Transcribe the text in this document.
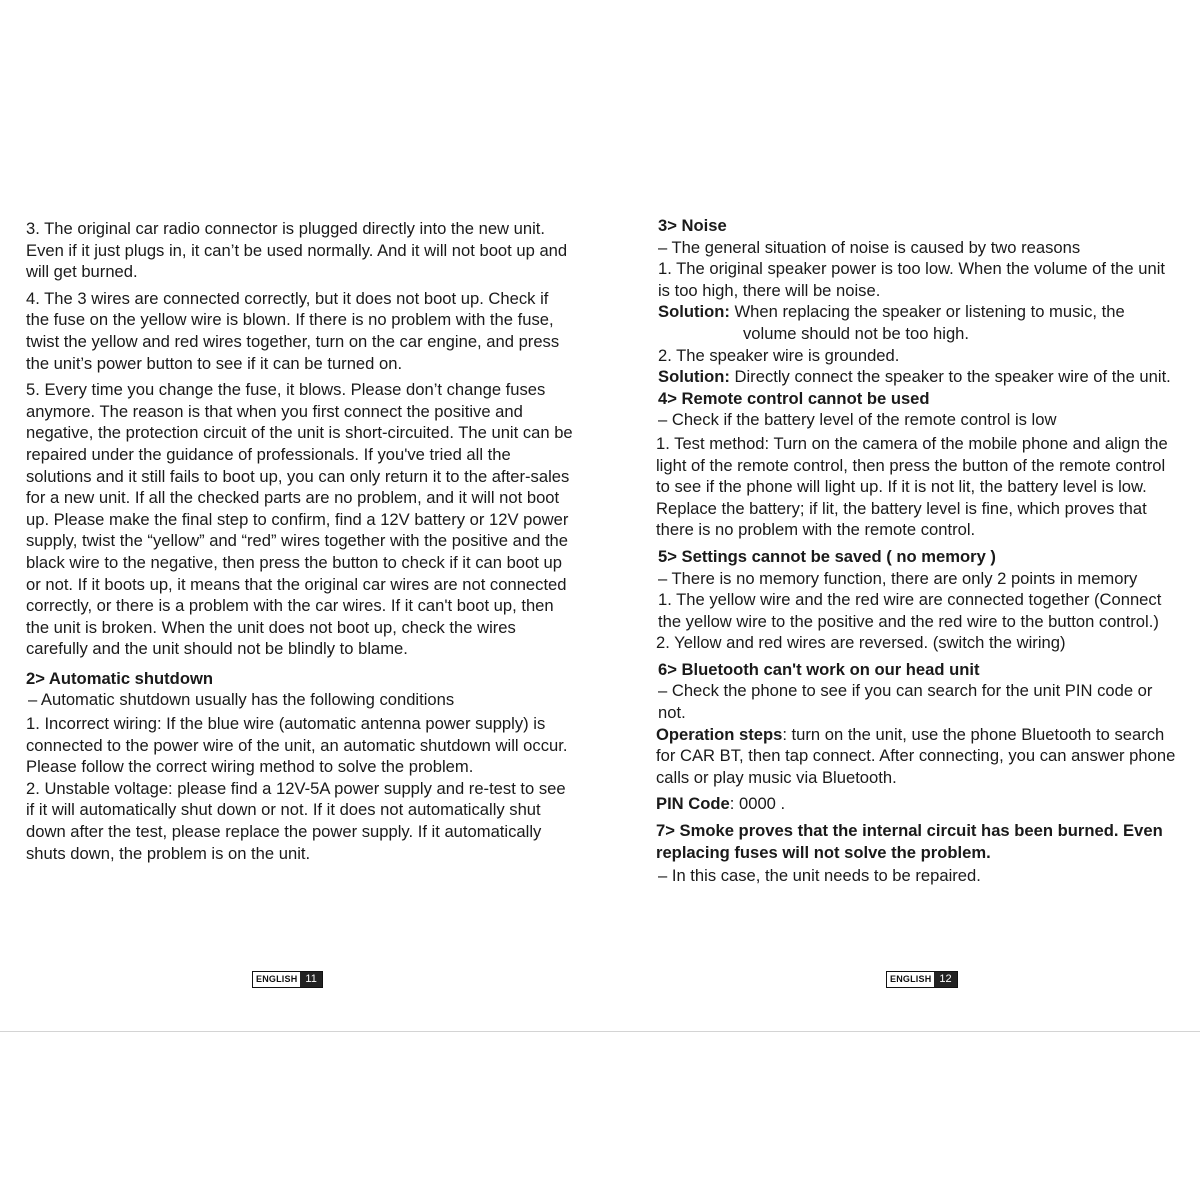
3. The original car radio connector is plugged directly into the new unit. Even if it just plugs in, it can’t be used normally. And it will not boot up and will get burned.

4. The 3 wires are connected correctly, but it does not boot up. Check if the fuse on the yellow wire is blown. If there is no problem with the fuse, twist the yellow and red wires together, turn on the car engine, and press the unit’s power button to see if it can be turned on.

5. Every time you change the fuse, it blows. Please don’t change fuses anymore. The reason is that when you first connect the positive and negative, the protection circuit of the unit is short-circuited. The unit can be repaired under the guidance of professionals. If you've tried all the solutions and it still fails to boot up, you can only return it to the after-sales for a new unit. If all the checked parts are no problem, and it will not boot up. Please make the final step to confirm, find a 12V battery or 12V power supply, twist the “yellow” and “red” wires together with the positive and the black wire to the negative, then press the button to check if it can boot up or not. If it boots up, it means that the original car wires are not connected correctly, or there is a problem with the car wires. If it can't boot up, then the unit is broken. When the unit does not boot up, check the wires carefully and the unit should not be blindly to blame.

2> Automatic shutdown

– Automatic shutdown usually has the following conditions

1. Incorrect wiring: If the blue wire (automatic antenna power supply) is connected to the power wire of the unit, an automatic shutdown will occur. Please follow the correct wiring method to solve the problem.

2. Unstable voltage: please find a 12V-5A power supply and re-test to see if it will automatically shut down or not. If it does not automatically shut down after the test, please replace the power supply. If it automatically shuts down, the problem is on the unit.

ENGLISH 11

3> Noise

– The general situation of noise is caused by two reasons

1. The original speaker power is too low. When the volume of the unit is too high, there will be noise.

Solution: When replacing the speaker or listening to music, the volume should not be too high.

2. The speaker wire is grounded.

Solution: Directly connect the speaker to the speaker wire of the unit.

4> Remote control cannot be used

– Check if the battery level of the remote control is low

1. Test method: Turn on the camera of the mobile phone and align the light of the remote control, then press the button of the remote control to see if the phone will light up. If it is not lit, the battery level is low. Replace the battery; if lit, the battery level is fine, which proves that there is no problem with the remote control.

5> Settings cannot be saved ( no memory )

– There is no memory function, there are only 2 points in memory

1. The yellow wire and the red wire are connected together (Connect the yellow wire to the positive and the red wire to the button control.)

2. Yellow and red wires are reversed. (switch the wiring)

6> Bluetooth can't work on our head unit

– Check the phone to see if you can search for the unit PIN code or not.

Operation steps: turn on the unit, use the phone Bluetooth to search for CAR BT, then tap connect. After connecting, you can answer phone calls or play music via Bluetooth.

PIN Code: 0000 .

7> Smoke proves that the internal circuit has been burned. Even replacing fuses will not solve the problem.

– In this case, the unit needs to be repaired.

ENGLISH 12
